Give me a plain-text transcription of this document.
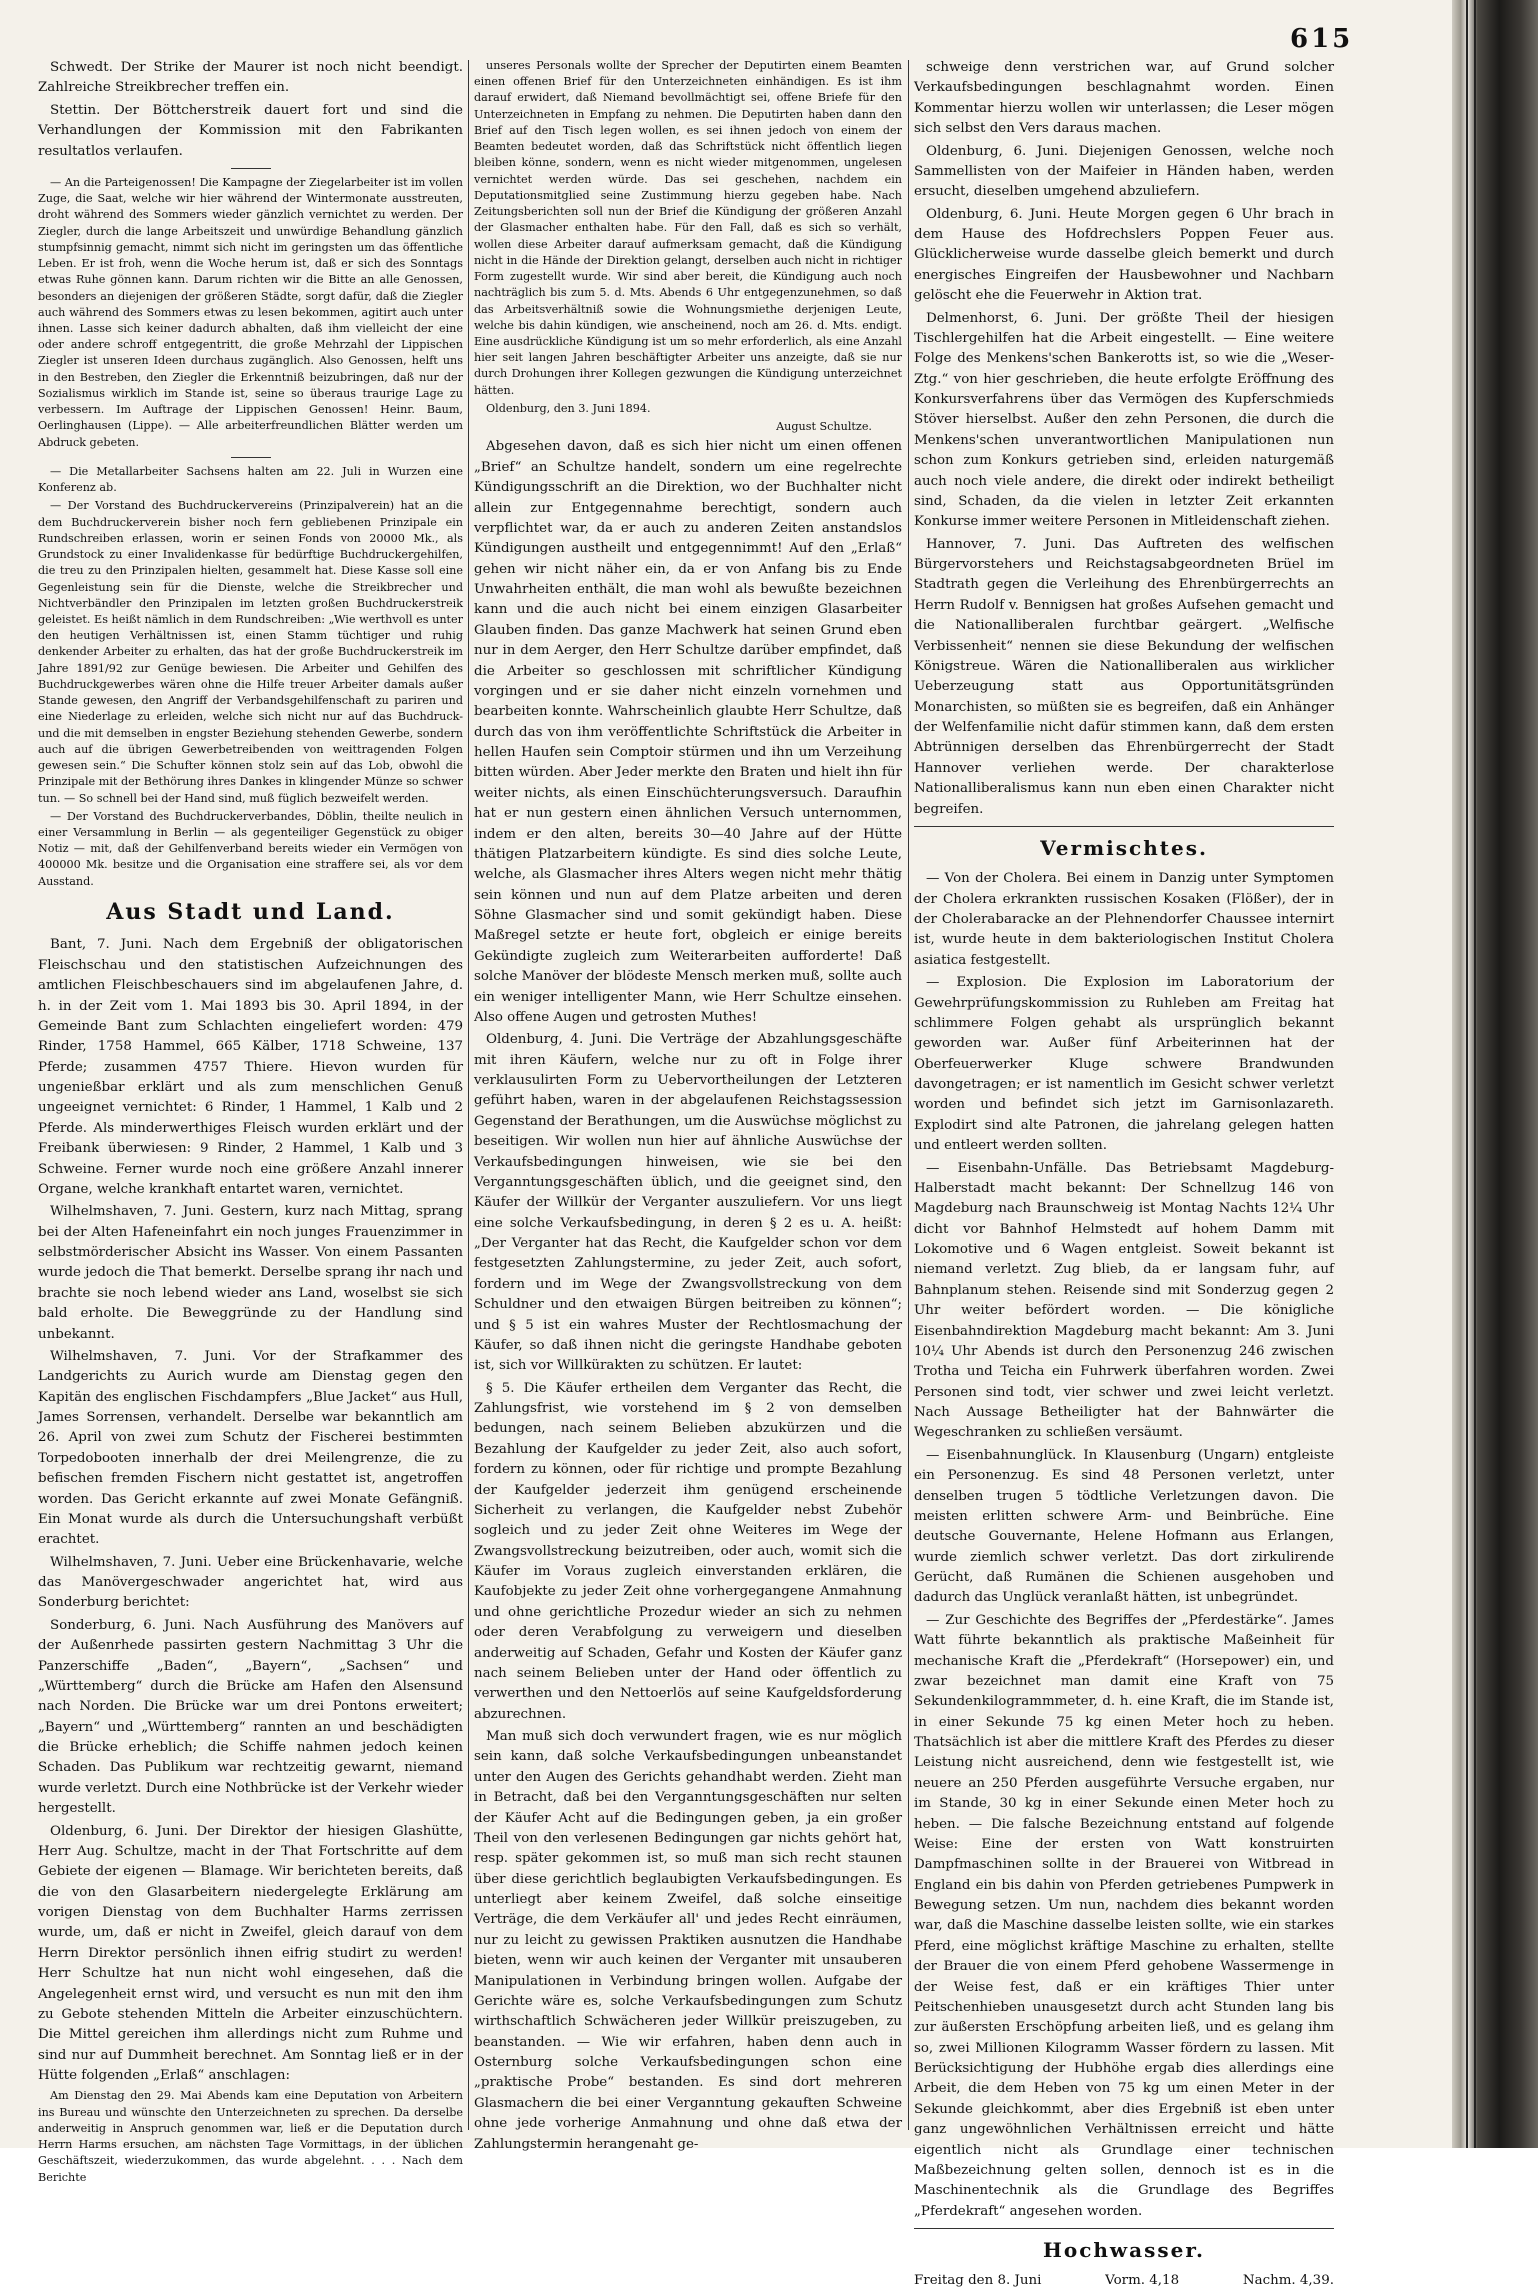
615

Schwedt. Der Strike der Maurer ist noch nicht beendigt. Zahlreiche Streikbrecher treffen ein.

Stettin. Der Böttcherstreik dauert fort und sind die Verhandlungen der Kommission mit den Fabrikanten resultatlos verlaufen.

— An die Parteigenossen! Die Kampagne der Ziegelarbeiter ist im vollen Zuge, die Saat, welche wir hier während der Wintermonate ausstreuten, droht während des Sommers wieder gänzlich vernichtet zu werden. Der Ziegler, durch die lange Arbeitszeit und unwürdige Behandlung gänzlich stumpfsinnig gemacht, nimmt sich nicht im geringsten um das öffentliche Leben. Er ist froh, wenn die Woche herum ist, daß er sich des Sonntags etwas Ruhe gönnen kann. Darum richten wir die Bitte an alle Genossen, besonders an diejenigen der größeren Städte, sorgt dafür, daß die Ziegler auch während des Sommers etwas zu lesen bekommen, agitirt auch unter ihnen. Lasse sich keiner dadurch abhalten, daß ihm vielleicht der eine oder andere schroff entgegentritt, die große Mehrzahl der Lippischen Ziegler ist unseren Ideen durchaus zugänglich. Also Genossen, helft uns in den Bestreben, den Ziegler die Erkenntniß beizubringen, daß nur der Sozialismus wirklich im Stande ist, seine so überaus traurige Lage zu verbessern. Im Auftrage der Lippischen Genossen! Heinr. Baum, Oerlinghausen (Lippe). — Alle arbeiterfreundlichen Blätter werden um Abdruck gebeten.

— Die Metallarbeiter Sachsens halten am 22. Juli in Wurzen eine Konferenz ab.

— Der Vorstand des Buchdruckervereins (Prinzipalverein) hat an die dem Buchdruckerverein bisher noch fern gebliebenen Prinzipale ein Rundschreiben erlassen, worin er seinen Fonds von 20000 Mk., als Grundstock zu einer Invalidenkasse für bedürftige Buchdruckergehilfen, die treu zu den Prinzipalen hielten, gesammelt hat. Diese Kasse soll eine Gegenleistung sein für die Dienste, welche die Streikbrecher und Nichtverbändler den Prinzipalen im letzten großen Buchdruckerstreik geleistet. Es heißt nämlich in dem Rundschreiben: „Wie werthvoll es unter den heutigen Verhältnissen ist, einen Stamm tüchtiger und ruhig denkender Arbeiter zu erhalten, das hat der große Buchdruckerstreik im Jahre 1891/92 zur Genüge bewiesen. Die Arbeiter und Gehilfen des Buchdruckgewerbes wären ohne die Hilfe treuer Arbeiter damals außer Stande gewesen, den Angriff der Verbandsgehilfenschaft zu pariren und eine Niederlage zu erleiden, welche sich nicht nur auf das Buchdruck- und die mit demselben in engster Beziehung stehenden Gewerbe, sondern auch auf die übrigen Gewerbetreibenden von weittragenden Folgen gewesen sein.“ Die Schufter können stolz sein auf das Lob, obwohl die Prinzipale mit der Bethörung ihres Dankes in klingender Münze so schwer tun. — So schnell bei der Hand sind, muß füglich bezweifelt werden.

— Der Vorstand des Buchdruckerverbandes, Döblin, theilte neulich in einer Versammlung in Berlin — als gegenteiliger Gegenstück zu obiger Notiz — mit, daß der Gehilfenverband bereits wieder ein Vermögen von 400000 Mk. besitze und die Organisation eine straffere sei, als vor dem Ausstand.

Aus Stadt und Land.

Bant, 7. Juni. Nach dem Ergebniß der obligatorischen Fleischschau und den statistischen Aufzeichnungen des amtlichen Fleischbeschauers sind im abgelaufenen Jahre, d. h. in der Zeit vom 1. Mai 1893 bis 30. April 1894, in der Gemeinde Bant zum Schlachten eingeliefert worden: 479 Rinder, 1758 Hammel, 665 Kälber, 1718 Schweine, 137 Pferde; zusammen 4757 Thiere. Hievon wurden für ungenießbar erklärt und als zum menschlichen Genuß ungeeignet vernichtet: 6 Rinder, 1 Hammel, 1 Kalb und 2 Pferde. Als minderwerthiges Fleisch wurden erklärt und der Freibank überwiesen: 9 Rinder, 2 Hammel, 1 Kalb und 3 Schweine. Ferner wurde noch eine größere Anzahl innerer Organe, welche krankhaft entartet waren, vernichtet.

Wilhelmshaven, 7. Juni. Gestern, kurz nach Mittag, sprang bei der Alten Hafeneinfahrt ein noch junges Frauenzimmer in selbstmörderischer Absicht ins Wasser. Von einem Passanten wurde jedoch die That bemerkt. Derselbe sprang ihr nach und brachte sie noch lebend wieder ans Land, woselbst sie sich bald erholte. Die Beweggründe zu der Handlung sind unbekannt.

Wilhelmshaven, 7. Juni. Vor der Strafkammer des Landgerichts zu Aurich wurde am Dienstag gegen den Kapitän des englischen Fischdampfers „Blue Jacket“ aus Hull, James Sorrensen, verhandelt. Derselbe war bekanntlich am 26. April von zwei zum Schutz der Fischerei bestimmten Torpedobooten innerhalb der drei Meilengrenze, die zu befischen fremden Fischern nicht gestattet ist, angetroffen worden. Das Gericht erkannte auf zwei Monate Gefängniß. Ein Monat wurde als durch die Untersuchungshaft verbüßt erachtet.

Wilhelmshaven, 7. Juni. Ueber eine Brückenhavarie, welche das Manövergeschwader angerichtet hat, wird aus Sonderburg berichtet:

Sonderburg, 6. Juni. Nach Ausführung des Manövers auf der Außenrhede passirten gestern Nachmittag 3 Uhr die Panzerschiffe „Baden“, „Bayern“, „Sachsen“ und „Württemberg“ durch die Brücke am Hafen den Alsensund nach Norden. Die Brücke war um drei Pontons erweitert; „Bayern“ und „Württemberg“ rannten an und beschädigten die Brücke erheblich; die Schiffe nahmen jedoch keinen Schaden. Das Publikum war rechtzeitig gewarnt, niemand wurde verletzt. Durch eine Nothbrücke ist der Verkehr wieder hergestellt.

Oldenburg, 6. Juni. Der Direktor der hiesigen Glashütte, Herr Aug. Schultze, macht in der That Fortschritte auf dem Gebiete der eigenen — Blamage. Wir berichteten bereits, daß die von den Glasarbeitern niedergelegte Erklärung am vorigen Dienstag von dem Buchhalter Harms zerrissen wurde, um, daß er nicht in Zweifel, gleich darauf von dem Herrn Direktor persönlich ihnen eifrig studirt zu werden! Herr Schultze hat nun nicht wohl eingesehen, daß die Angelegenheit ernst wird, und versucht es nun mit den ihm zu Gebote stehenden Mitteln die Arbeiter einzuschüchtern. Die Mittel gereichen ihm allerdings nicht zum Ruhme und sind nur auf Dummheit berechnet. Am Sonntag ließ er in der Hütte folgenden „Erlaß“ anschlagen:

Am Dienstag den 29. Mai Abends kam eine Deputation von Arbeitern ins Bureau und wünschte den Unterzeichneten zu sprechen. Da derselbe anderweitig in Anspruch genommen war, ließ er die Deputation durch Herrn Harms ersuchen, am nächsten Tage Vormittags, in der üblichen Geschäftszeit, wiederzukommen, das wurde abgelehnt. . . . Nach dem Berichte

unseres Personals wollte der Sprecher der Deputirten einem Beamten einen offenen Brief für den Unterzeichneten einhändigen. Es ist ihm darauf erwidert, daß Niemand bevollmächtigt sei, offene Briefe für den Unterzeichneten in Empfang zu nehmen. Die Deputirten haben dann den Brief auf den Tisch legen wollen, es sei ihnen jedoch von einem der Beamten bedeutet worden, daß das Schriftstück nicht öffentlich liegen bleiben könne, sondern, wenn es nicht wieder mitgenommen, ungelesen vernichtet werden würde. Das sei geschehen, nachdem ein Deputationsmitglied seine Zustimmung hierzu gegeben habe. Nach Zeitungsberichten soll nun der Brief die Kündigung der größeren Anzahl der Glasmacher enthalten habe. Für den Fall, daß es sich so verhält, wollen diese Arbeiter darauf aufmerksam gemacht, daß die Kündigung nicht in die Hände der Direktion gelangt, derselben auch nicht in richtiger Form zugestellt wurde. Wir sind aber bereit, die Kündigung auch noch nachträglich bis zum 5. d. Mts. Abends 6 Uhr entgegenzunehmen, so daß das Arbeitsverhältniß sowie die Wohnungsmiethe derjenigen Leute, welche bis dahin kündigen, wie anscheinend, noch am 26. d. Mts. endigt. Eine ausdrückliche Kündigung ist um so mehr erforderlich, als eine Anzahl hier seit langen Jahren beschäftigter Arbeiter uns anzeigte, daß sie nur durch Drohungen ihrer Kollegen gezwungen die Kündigung unterzeichnet hätten.

Oldenburg, den 3. Juni 1894.

August Schultze.

Abgesehen davon, daß es sich hier nicht um einen offenen „Brief“ an Schultze handelt, sondern um eine regelrechte Kündigungsschrift an die Direktion, wo der Buchhalter nicht allein zur Entgegennahme berechtigt, sondern auch verpflichtet war, da er auch zu anderen Zeiten anstandslos Kündigungen austheilt und entgegennimmt! Auf den „Erlaß“ gehen wir nicht näher ein, da er von Anfang bis zu Ende Unwahrheiten enthält, die man wohl als bewußte bezeichnen kann und die auch nicht bei einem einzigen Glasarbeiter Glauben finden. Das ganze Machwerk hat seinen Grund eben nur in dem Aerger, den Herr Schultze darüber empfindet, daß die Arbeiter so geschlossen mit schriftlicher Kündigung vorgingen und er sie daher nicht einzeln vornehmen und bearbeiten konnte. Wahrscheinlich glaubte Herr Schultze, daß durch das von ihm veröffentlichte Schriftstück die Arbeiter in hellen Haufen sein Comptoir stürmen und ihn um Verzeihung bitten würden. Aber Jeder merkte den Braten und hielt ihn für weiter nichts, als einen Einschüchterungsversuch. Daraufhin hat er nun gestern einen ähnlichen Versuch unternommen, indem er den alten, bereits 30—40 Jahre auf der Hütte thätigen Platzarbeitern kündigte. Es sind dies solche Leute, welche, als Glasmacher ihres Alters wegen nicht mehr thätig sein können und nun auf dem Platze arbeiten und deren Söhne Glasmacher sind und somit gekündigt haben. Diese Maßregel setzte er heute fort, obgleich er einige bereits Gekündigte zugleich zum Weiterarbeiten aufforderte! Daß solche Manöver der blödeste Mensch merken muß, sollte auch ein weniger intelligenter Mann, wie Herr Schultze einsehen. Also offene Augen und getrosten Muthes!

Oldenburg, 4. Juni. Die Verträge der Abzahlungsgeschäfte mit ihren Käufern, welche nur zu oft in Folge ihrer verklausulirten Form zu Uebervortheilungen der Letzteren geführt haben, waren in der abgelaufenen Reichstagssession Gegenstand der Berathungen, um die Auswüchse möglichst zu beseitigen. Wir wollen nun hier auf ähnliche Auswüchse der Verkaufsbedingungen hinweisen, wie sie bei den Verganntungsgeschäften üblich, und die geeignet sind, den Käufer der Willkür der Verganter auszuliefern. Vor uns liegt eine solche Verkaufsbedingung, in deren § 2 es u. A. heißt: „Der Verganter hat das Recht, die Kaufgelder schon vor dem festgesetzten Zahlungstermine, zu jeder Zeit, auch sofort, fordern und im Wege der Zwangsvollstreckung von dem Schuldner und den etwaigen Bürgen beitreiben zu können“; und § 5 ist ein wahres Muster der Rechtlosmachung der Käufer, so daß ihnen nicht die geringste Handhabe geboten ist, sich vor Willkürakten zu schützen. Er lautet:

§ 5. Die Käufer ertheilen dem Verganter das Recht, die Zahlungsfrist, wie vorstehend im § 2 von demselben bedungen, nach seinem Belieben abzukürzen und die Bezahlung der Kaufgelder zu jeder Zeit, also auch sofort, fordern zu können, oder für richtige und prompte Bezahlung der Kaufgelder jederzeit ihm genügend erscheinende Sicherheit zu verlangen, die Kaufgelder nebst Zubehör sogleich und zu jeder Zeit ohne Weiteres im Wege der Zwangsvollstreckung beizutreiben, oder auch, womit sich die Käufer im Voraus zugleich einverstanden erklären, die Kaufobjekte zu jeder Zeit ohne vorhergegangene Anmahnung und ohne gerichtliche Prozedur wieder an sich zu nehmen oder deren Verabfolgung zu verweigern und dieselben anderweitig auf Schaden, Gefahr und Kosten der Käufer ganz nach seinem Belieben unter der Hand oder öffentlich zu verwerthen und den Nettoerlös auf seine Kaufgeldsforderung abzurechnen.

Man muß sich doch verwundert fragen, wie es nur möglich sein kann, daß solche Verkaufsbedingungen unbeanstandet unter den Augen des Gerichts gehandhabt werden. Zieht man in Betracht, daß bei den Verganntungsgeschäften nur selten der Käufer Acht auf die Bedingungen geben, ja ein großer Theil von den verlesenen Bedingungen gar nichts gehört hat, resp. später gekommen ist, so muß man sich recht staunen über diese gerichtlich beglaubigten Verkaufsbedingungen. Es unterliegt aber keinem Zweifel, daß solche einseitige Verträge, die dem Verkäufer all' und jedes Recht einräumen, nur zu leicht zu gewissen Praktiken ausnutzen die Handhabe bieten, wenn wir auch keinen der Verganter mit unsauberen Manipulationen in Verbindung bringen wollen. Aufgabe der Gerichte wäre es, solche Verkaufsbedingungen zum Schutz wirthschaftlich Schwächeren jeder Willkür preiszugeben, zu beanstanden. — Wie wir erfahren, haben denn auch in Osternburg solche Verkaufsbedingungen schon eine „praktische Probe“ bestanden. Es sind dort mehreren Glasmachern die bei einer Verganntung gekauften Schweine ohne jede vorherige Anmahnung und ohne daß etwa der Zahlungstermin herangenaht ge-

schweige denn verstrichen war, auf Grund solcher Verkaufsbedingungen beschlagnahmt worden. Einen Kommentar hierzu wollen wir unterlassen; die Leser mögen sich selbst den Vers daraus machen.

Oldenburg, 6. Juni. Diejenigen Genossen, welche noch Sammellisten von der Maifeier in Händen haben, werden ersucht, dieselben umgehend abzuliefern.

Oldenburg, 6. Juni. Heute Morgen gegen 6 Uhr brach in dem Hause des Hofdrechslers Poppen Feuer aus. Glücklicherweise wurde dasselbe gleich bemerkt und durch energisches Eingreifen der Hausbewohner und Nachbarn gelöscht ehe die Feuerwehr in Aktion trat.

Delmenhorst, 6. Juni. Der größte Theil der hiesigen Tischlergehilfen hat die Arbeit eingestellt. — Eine weitere Folge des Menkens'schen Bankerotts ist, so wie die „Weser-Ztg.“ von hier geschrieben, die heute erfolgte Eröffnung des Konkursverfahrens über das Vermögen des Kupferschmieds Stöver hierselbst. Außer den zehn Personen, die durch die Menkens'schen unverantwortlichen Manipulationen nun schon zum Konkurs getrieben sind, erleiden naturgemäß auch noch viele andere, die direkt oder indirekt betheiligt sind, Schaden, da die vielen in letzter Zeit erkannten Konkurse immer weitere Personen in Mitleidenschaft ziehen.

Hannover, 7. Juni. Das Auftreten des welfischen Bürgervorstehers und Reichstagsabgeordneten Brüel im Stadtrath gegen die Verleihung des Ehrenbürgerrechts an Herrn Rudolf v. Bennigsen hat großes Aufsehen gemacht und die Nationalliberalen furchtbar geärgert. „Welfische Verbissenheit“ nennen sie diese Bekundung der welfischen Königstreue. Wären die Nationalliberalen aus wirklicher Ueberzeugung statt aus Opportunitätsgründen Monarchisten, so müßten sie es begreifen, daß ein Anhänger der Welfenfamilie nicht dafür stimmen kann, daß dem ersten Abtrünnigen derselben das Ehrenbürgerrecht der Stadt Hannover verliehen werde. Der charakterlose Nationalliberalismus kann nun eben einen Charakter nicht begreifen.

Vermischtes.

— Von der Cholera. Bei einem in Danzig unter Symptomen der Cholera erkrankten russischen Kosaken (Flößer), der in der Cholerabaracke an der Plehnendorfer Chaussee internirt ist, wurde heute in dem bakteriologischen Institut Cholera asiatica festgestellt.

— Explosion. Die Explosion im Laboratorium der Gewehrprüfungskommission zu Ruhleben am Freitag hat schlimmere Folgen gehabt als ursprünglich bekannt geworden war. Außer fünf Arbeiterinnen hat der Oberfeuerwerker Kluge schwere Brandwunden davongetragen; er ist namentlich im Gesicht schwer verletzt worden und befindet sich jetzt im Garnisonlazareth. Explodirt sind alte Patronen, die jahrelang gelegen hatten und entleert werden sollten.

— Eisenbahn-Unfälle. Das Betriebsamt Magdeburg-Halberstadt macht bekannt: Der Schnellzug 146 von Magdeburg nach Braunschweig ist Montag Nachts 12¼ Uhr dicht vor Bahnhof Helmstedt auf hohem Damm mit Lokomotive und 6 Wagen entgleist. Soweit bekannt ist niemand verletzt. Zug blieb, da er langsam fuhr, auf Bahnplanum stehen. Reisende sind mit Sonderzug gegen 2 Uhr weiter befördert worden. — Die königliche Eisenbahndirektion Magdeburg macht bekannt: Am 3. Juni 10¼ Uhr Abends ist durch den Personenzug 246 zwischen Trotha und Teicha ein Fuhrwerk überfahren worden. Zwei Personen sind todt, vier schwer und zwei leicht verletzt. Nach Aussage Betheiligter hat der Bahnwärter die Wegeschranken zu schließen versäumt.

— Eisenbahnunglück. In Klausenburg (Ungarn) entgleiste ein Personenzug. Es sind 48 Personen verletzt, unter denselben trugen 5 tödtliche Verletzungen davon. Die meisten erlitten schwere Arm- und Beinbrüche. Eine deutsche Gouvernante, Helene Hofmann aus Erlangen, wurde ziemlich schwer verletzt. Das dort zirkulirende Gerücht, daß Rumänen die Schienen ausgehoben und dadurch das Unglück veranlaßt hätten, ist unbegründet.

— Zur Geschichte des Begriffes der „Pferdestärke“. James Watt führte bekanntlich als praktische Maßeinheit für mechanische Kraft die „Pferdekraft“ (Horsepower) ein, und zwar bezeichnet man damit eine Kraft von 75 Sekundenkilogrammmeter, d. h. eine Kraft, die im Stande ist, in einer Sekunde 75 kg einen Meter hoch zu heben. Thatsächlich ist aber die mittlere Kraft des Pferdes zu dieser Leistung nicht ausreichend, denn wie festgestellt ist, wie neuere an 250 Pferden ausgeführte Versuche ergaben, nur im Stande, 30 kg in einer Sekunde einen Meter hoch zu heben. — Die falsche Bezeichnung entstand auf folgende Weise: Eine der ersten von Watt konstruirten Dampfmaschinen sollte in der Brauerei von Witbread in England ein bis dahin von Pferden getriebenes Pumpwerk in Bewegung setzen. Um nun, nachdem dies bekannt worden war, daß die Maschine dasselbe leisten sollte, wie ein starkes Pferd, eine möglichst kräftige Maschine zu erhalten, stellte der Brauer die von einem Pferd gehobene Wassermenge in der Weise fest, daß er ein kräftiges Thier unter Peitschenhieben unausgesetzt durch acht Stunden lang bis zur äußersten Erschöpfung arbeiten ließ, und es gelang ihm so, zwei Millionen Kilogramm Wasser fördern zu lassen. Mit Berücksichtigung der Hubhöhe ergab dies allerdings eine Arbeit, die dem Heben von 75 kg um einen Meter in der Sekunde gleichkommt, aber dies Ergebniß ist eben unter ganz ungewöhnlichen Verhältnissen erreicht und hätte eigentlich nicht als Grundlage einer technischen Maßbezeichnung gelten sollen, dennoch ist es in die Maschinentechnik als die Grundlage des Begriffes „Pferdekraft“ angesehen worden.

Hochwasser.

Freitag den 8. Juni	Vorm. 4,18	Nachm. 4,39.
